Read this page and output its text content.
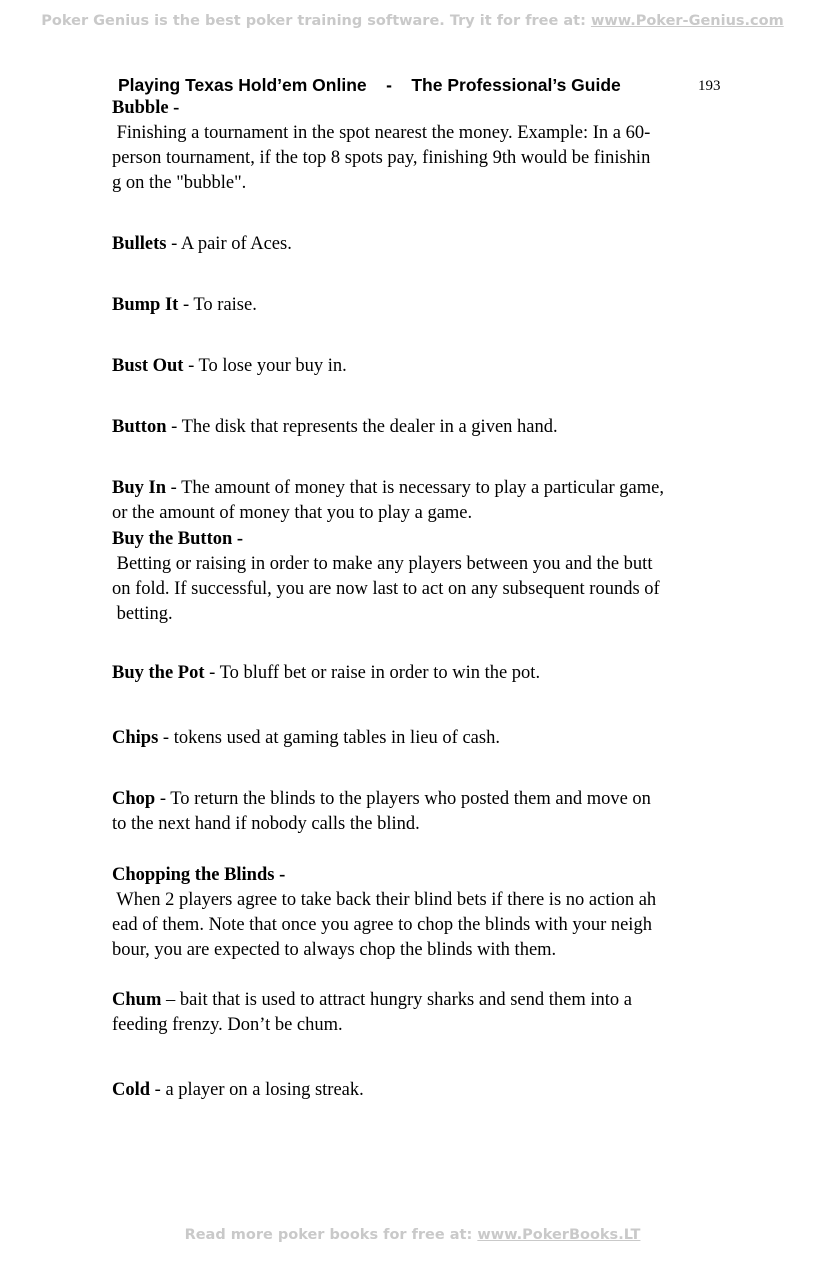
Poker Genius is the best poker training software. Try it for free at: www.Poker-Genius.com
Playing Texas Hold’em Online    -    The Professional’s Guide	193
Bubble -
Finishing a tournament in the spot nearest the money. Example: In a 60-
person tournament, if the top 8 spots pay, finishing 9th would be finishin
g on the "bubble".
Bullets - A pair of Aces.
Bump It - To raise.
Bust Out - To lose your buy in.
Button - The disk that represents the dealer in a given hand.
Buy In - The amount of money that is necessary to play a particular game,
or the amount of money that you to play a game.
Buy the Button -
Betting or raising in order to make any players between you and the butt
on fold. If successful, you are now last to act on any subsequent rounds of
betting.
Buy the Pot - To bluff bet or raise in order to win the pot.
Chips - tokens used at gaming tables in lieu of cash.
Chop - To return the blinds to the players who posted them and move on
to the next hand if nobody calls the blind.
Chopping the Blinds -
When 2 players agree to take back their blind bets if there is no action ah
ead of them. Note that once you agree to chop the blinds with your neigh
bour, you are expected to always chop the blinds with them.
Chum – bait that is used to attract hungry sharks and send them into a
feeding frenzy. Don’t be chum.
Cold - a player on a losing streak.
Read more poker books for free at: www.PokerBooks.LT
